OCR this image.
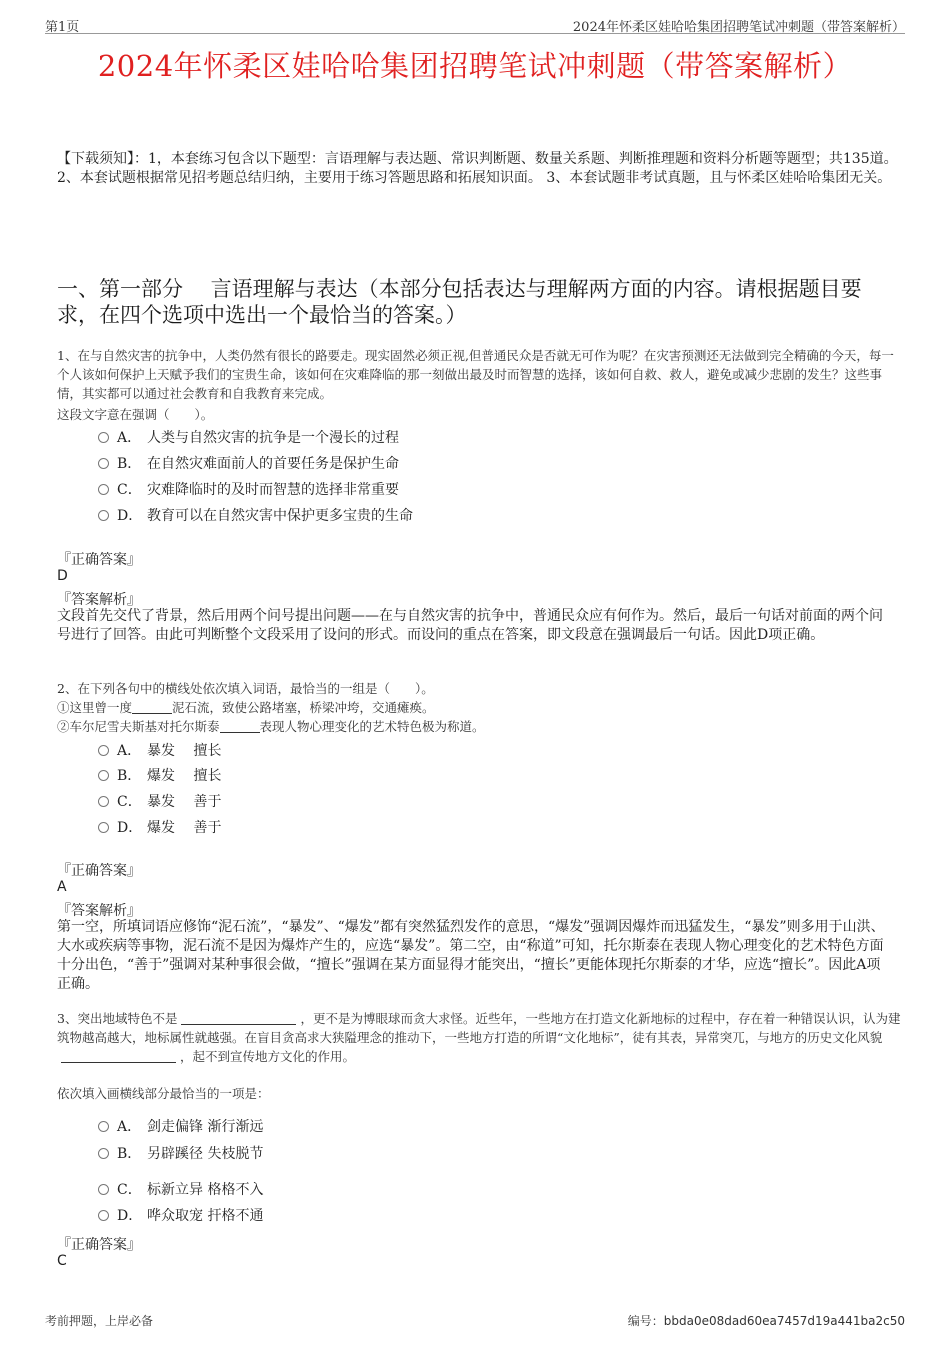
第1页	2024年怀柔区娃哈哈集团招聘笔试冲刺题（带答案解析）
2024年怀柔区娃哈哈集团招聘笔试冲刺题（带答案解析）
【下载须知】：1，本套练习包含以下题型：言语理解与表达题、常识判断题、数量关系题、判断推理题和资料分析题等题型；共135道。 2、本套试题根据常见招考题总结归纳，主要用于练习答题思路和拓展知识面。 3、本套试题非考试真题，且与怀柔区娃哈哈集团无关。
一、第一部分　 言语理解与表达（本部分包括表达与理解两方面的内容。请根据题目要求，在四个选项中选出一个最恰当的答案。）
1、在与自然灾害的抗争中，人类仍然有很长的路要走。现实固然必须正视,但普通民众是否就无可作为呢？在灾害预测还无法做到完全精确的今天，每一个人该如何保护上天赋予我们的宝贵生命，该如何在灾难降临的那一刻做出最及时而智慧的选择，该如何自救、救人，避免或减少悲剧的发生？这些事情，其实都可以通过社会教育和自我教育来完成。
这段文字意在强调（　　）。
A． 人类与自然灾害的抗争是一个漫长的过程
B． 在自然灾难面前人的首要任务是保护生命
C． 灾难降临时的及时而智慧的选择非常重要
D． 教育可以在自然灾害中保护更多宝贵的生命
『正确答案』
D
『答案解析』
文段首先交代了背景，然后用两个问号提出问题——在与自然灾害的抗争中，普通民众应有何作为。然后，最后一句话对前面的两个问号进行了回答。由此可判断整个文段采用了设问的形式。而设问的重点在答案，即文段意在强调最后一句话。因此D项正确。
2、在下列各句中的横线处依次填入词语，最恰当的一组是（　　）。
①这里曾一度	泥石流，致使公路堵塞，桥梁冲垮，交通瘫痪。
②车尔尼雪夫斯基对托尔斯泰	表现人物心理变化的艺术特色极为称道。
A． 暴发　 擅长
B． 爆发　 擅长
C． 暴发　 善于
D． 爆发　 善于
『正确答案』
A
『答案解析』
第一空，所填词语应修饰“泥石流”，“暴发”、“爆发”都有突然猛烈发作的意思，“爆发”强调因爆炸而迅猛发生，“暴发”则多用于山洪、大水或疾病等事物，泥石流不是因为爆炸产生的，应选“暴发”。第二空，由“称道”可知，托尔斯泰在表现人物心理变化的艺术特色方面十分出色，“善于”强调对某种事很会做，“擅长”强调在某方面显得才能突出，“擅长”更能体现托尔斯泰的才华，应选“擅长”。因此A项正确。
3、突出地域特色不是	，更不是为博眼球而贪大求怪。近些年，一些地方在打造文化新地标的过程中，存在着一种错误认识，认为建筑物越高越大，地标属性就越强。在盲目贪高求大狭隘理念的推动下，一些地方打造的所谓“文化地标”，徒有其表，异常突兀，与地方的历史文化风貌，起不到宣传地方文化的作用。
依次填入画横线部分最恰当的一项是：
A． 剑走偏锋 渐行渐远
B． 另辟蹊径 失枝脱节
C． 标新立异 格格不入
D． 哗众取宠 扞格不通
『正确答案』
C
考前押题，上岸必备	编号：bbda0e08dad60ea7457d19a441ba2c50
